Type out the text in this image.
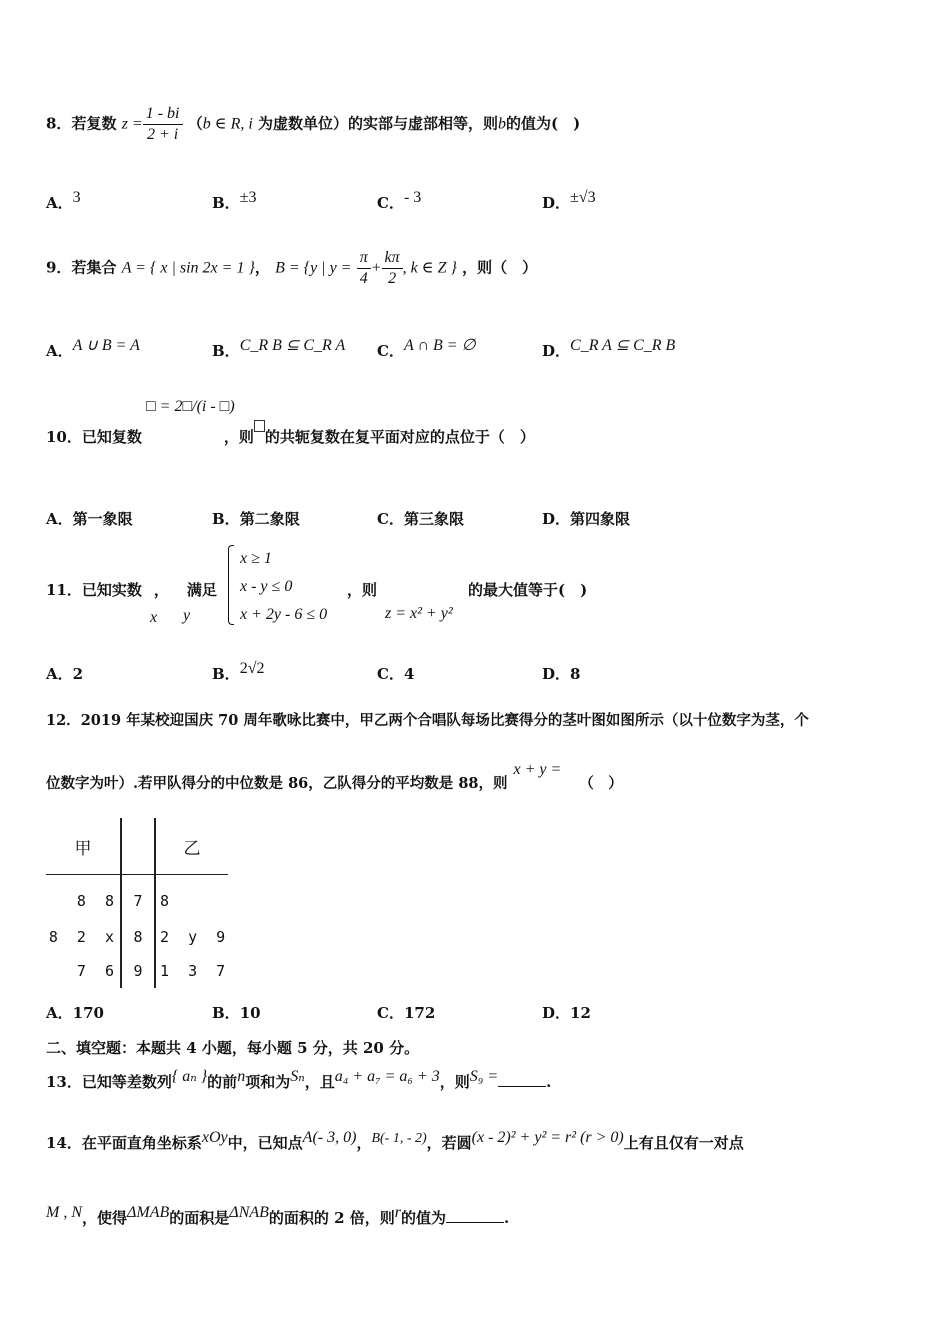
8．若复数 $z = \frac{1 - bi}{2 + i} (b$ ∈ R, i 为虚数单位）的实部与虚部相等，则b的值为(　)
A．3	B．±3	C．- 3	D．±√3
9．若集合 A = { x | sin 2x = 1 }， B = {y | $y = \frac{\pi}{4} + \frac{k\pi}{2}$ , k ∈ Z } ，则（　）
A．A ∪ B = A	B．C_R B ⊆ C_R A C．A ∩ B = ∅	D．C_R A ⊆ C_R B
□ = 2□/(i - □)
10．已知复数	，则 的共轭复数在复平面对应的点位于（　）
A．第一象限	B．第二象限	C．第三象限	D．第四象限
11．已知实数 ， 满足
x y
x ≥ 1
x - y ≤ 0
x + 2y - 6 ≤ 0
，则
z = x² + y²
的最大值等于(　)
A．2	B．2√2	C．4	D．8
12．2019 年某校迎国庆 70 周年歌咏比赛中，甲乙两个合唱队每场比赛得分的茎叶图如图所示（以十位数字为茎，个
位数字为叶）.若甲队得分的中位数是 86，乙队得分的平均数是 88，则x + y =（　）
甲		乙
8 8	7	8
8 2 x	8	2 y 9
7 6	9	1 3 7
A．170	B．10	C．172	D．12
二、填空题：本题共 4 小题，每小题 5 分，共 20 分。
13．已知等差数列{ aₙ }的前n项和为Sₙ，且a₄ + a₇ = a₆ + 3，则S₉ =	.
14．在平面直角坐标系xOy中，已知点A(- 3, 0)，B(- 1, - 2)，若圆(x - 2)² + y² = r² (r > 0)上有且仅有一对点
M , N，使得ΔMAB的面积是ΔNAB的面积的 2 倍，则r的值为	.
